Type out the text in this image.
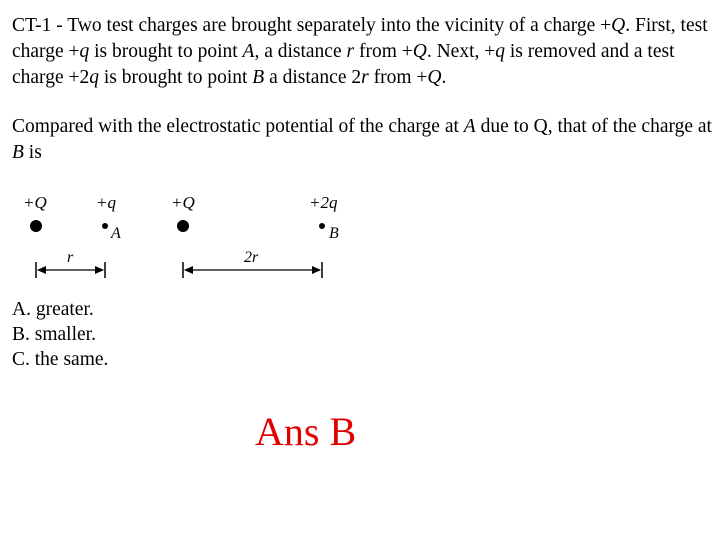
CT-1 - Two test charges are brought separately into the vicinity of a charge +Q. First, test charge +q is brought to point A, a distance r from +Q. Next, +q is removed and a test charge +2q is brought to point B a distance 2r from +Q.

Compared with the electrostatic potential of the charge at A due to Q, that of the charge at B is

+Q	+q
A
r
+Q	+2q
B
2r
A. greater.
B. smaller.
C. the same.
Ans B
